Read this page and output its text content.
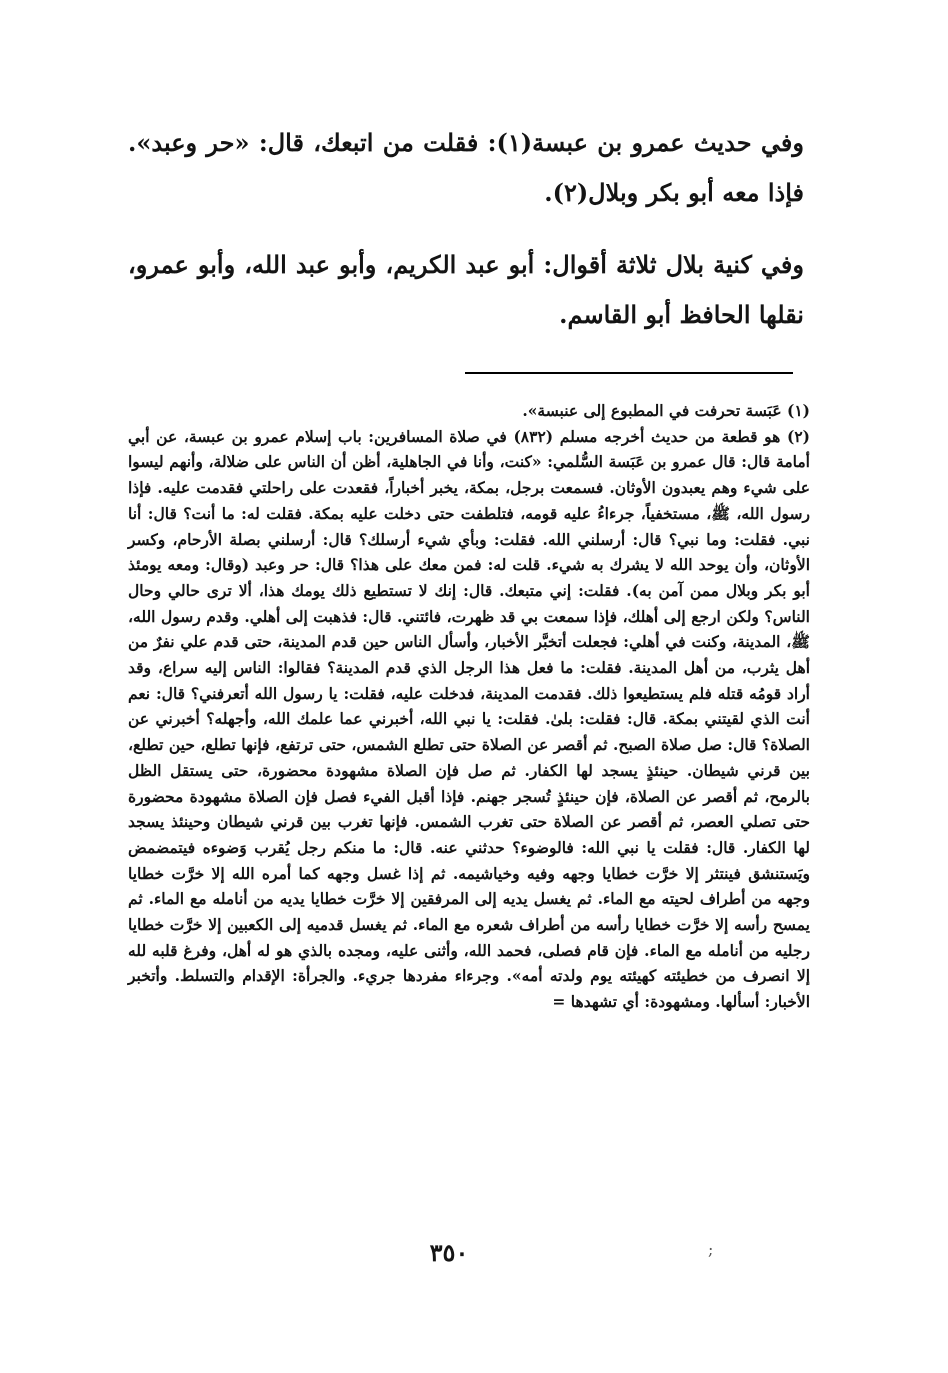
وفي حديث عمرو بن عبسة(١): فقلت من اتبعك، قال: «حر وعبد». فإذا معه أبو بكر وبلال(٢).

وفي كنية بلال ثلاثة أقوال: أبو عبد الكريم، وأبو عبد الله، وأبو عمرو، نقلها الحافظ أبو القاسم.

(١) عَبَسة تحرفت في المطبوع إلى عنبسة».

(٢) هو قطعة من حديث أخرجه مسلم (٨٣٢) في صلاة المسافرين: باب إسلام عمرو بن عبسة، عن أبي أمامة قال: قال عمرو بن عَبَسة السُّلمي: «كنت، وأنا في الجاهلية، أظن أن الناس على ضلالة، وأنهم ليسوا على شيء وهم يعبدون الأوثان. فسمعت برجل، بمكة، يخبر أخباراً، فقعدت على راحلتي فقدمت عليه. فإذا رسول الله، ﷺ، مستخفياً، جرءاءُ عليه قومه، فتلطفت حتى دخلت عليه بمكة. فقلت له: ما أنت؟ قال: أنا نبي. فقلت: وما نبي؟ قال: أرسلني الله. فقلت: وبأي شيء أرسلك؟ قال: أرسلني بصلة الأرحام، وكسر الأوثان، وأن يوحد الله لا يشرك به شيء. قلت له: فمن معك على هذا؟ قال: حر وعبد (وقال: ومعه يومئذ أبو بكر وبلال ممن آمن به). فقلت: إني متبعك. قال: إنك لا تستطيع ذلك يومك هذا، ألا ترى حالي وحال الناس؟ ولكن ارجع إلى أهلك، فإذا سمعت بي قد ظهرت، فائتني. قال: فذهبت إلى أهلي. وقدم رسول الله، ﷺ، المدينة، وكنت في أهلي: فجعلت أتخبَّر الأخبار، وأسأل الناس حين قدم المدينة، حتى قدم علي نفرٌ من أهل يثرب، من أهل المدينة. فقلت: ما فعل هذا الرجل الذي قدم المدينة؟ فقالوا: الناس إليه سراع، وقد أراد قومُه قتله فلم يستطيعوا ذلك. فقدمت المدينة، فدخلت عليه، فقلت: يا رسول الله أتعرفني؟ قال: نعم أنت الذي لقيتني بمكة. قال: فقلت: بلىٰ. فقلت: يا نبي الله، أخبرني عما علمك الله، وأجهله؟ أخبرني عن الصلاة؟ قال: صل صلاة الصبح. ثم أقصر عن الصلاة حتى تطلع الشمس، حتى ترتفع، فإنها تطلع، حين تطلع، بين قرني شيطان. حينئذٍ يسجد لها الكفار. ثم صل فإن الصلاة مشهودة محضورة، حتى يستقل الظل بالرمح، ثم أقصر عن الصلاة، فإن حينئذٍ تُسجر جهنم. فإذا أقبل الفيء فصل فإن الصلاة مشهودة محضورة حتى تصلي العصر، ثم أقصر عن الصلاة حتى تغرب الشمس. فإنها تغرب بين قرني شيطان وحينئذ يسجد لها الكفار. قال: فقلت يا نبي الله: فالوضوء؟ حدثني عنه. قال: ما منكم رجل يُقرب وَضوءه فيتمضمض ويَستنشق فينتثر إلا خرَّت خطايا وجهه وفيه وخياشيمه. ثم إذا غسل وجهه كما أمره الله إلا خرَّت خطايا وجهه من أطراف لحيته مع الماء. ثم يغسل يديه إلى المرفقين إلا خرَّت خطايا يديه من أنامله مع الماء. ثم يمسح رأسه إلا خرَّت خطايا رأسه من أطراف شعره مع الماء. ثم يغسل قدميه إلى الكعبين إلا خرَّت خطايا رجليه من أنامله مع الماء. فإن قام فصلى، فحمد الله، وأثنى عليه، ومجده بالذي هو له أهل، وفرغ قلبه لله إلا انصرف من خطيئته كهيئته يوم ولدته أمه». وجرءاء مفردها جريء. والجرأة: الإقدام والتسلط. وأتخبر الأخبار: أسألها. ومشهودة: أي تشهدها =

٣٥٠	;
